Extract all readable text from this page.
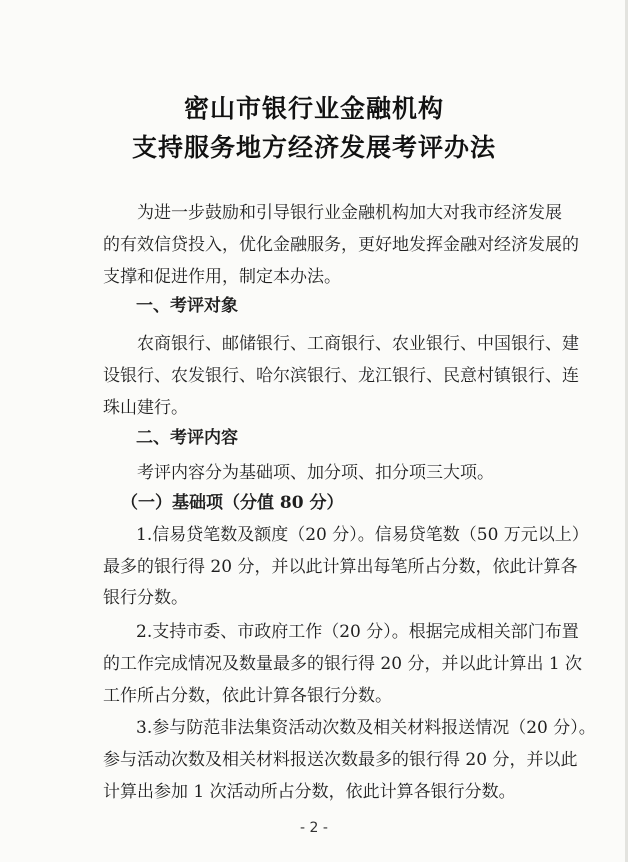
密山市银行业金融机构
支持服务地方经济发展考评办法
为进一步鼓励和引导银行业金融机构加大对我市经济发展
的有效信贷投入，优化金融服务，更好地发挥金融对经济发展的
支撑和促进作用，制定本办法。
一、考评对象
农商银行、邮储银行、工商银行、农业银行、中国银行、建
设银行、农发银行、哈尔滨银行、龙江银行、民意村镇银行、连
珠山建行。
二、考评内容
考评内容分为基础项、加分项、扣分项三大项。
（一）基础项（分值 80 分）
1.信易贷笔数及额度（20 分）。信易贷笔数（50 万元以上）
最多的银行得 20 分，并以此计算出每笔所占分数，依此计算各
银行分数。
2.支持市委、市政府工作（20 分）。根据完成相关部门布置
的工作完成情况及数量最多的银行得 20 分，并以此计算出 1 次
工作所占分数，依此计算各银行分数。
3.参与防范非法集资活动次数及相关材料报送情况（20 分）。
参与活动次数及相关材料报送次数最多的银行得 20 分，并以此
计算出参加 1 次活动所占分数，依此计算各银行分数。
- 2 -
